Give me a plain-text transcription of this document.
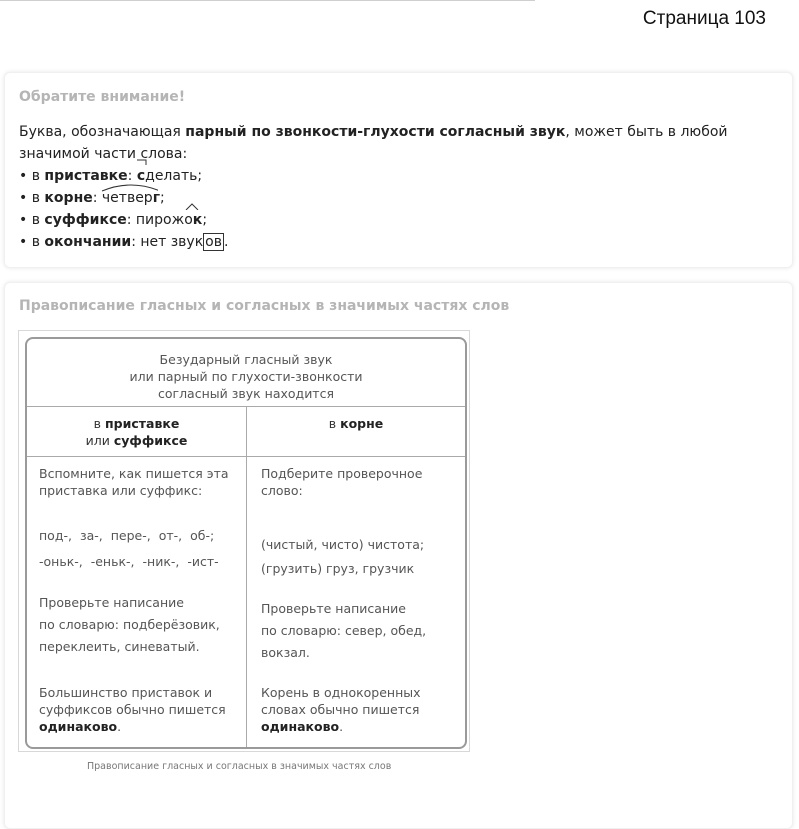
Страница 103
Обратите внимание!
Буква, обозначающая парный по звонкости-глухости согласный звук, может быть в любой значимой части слова:
• в приставке:
сделать;
• в корне:
четверг;
• в суффиксе:
пирожок;
• в окончании: нет звук ов .
Правописание гласных и согласных в значимых частях слов
Безударный гласный звук
или парный по глухости-звонкости
согласный звук находится
в приставке
или суффиксе
в корне
Вспомните, как пишется эта
приставка или суффикс:
под-, за-, пере-, от-, об-;
-оньк-, -еньк-, -ник-, -ист-
Проверьте написание
по словарю: подберёзовик,
переклеить, синеватый.
Большинство приставок и
суффиксов обычно пишется
одинаково.
Подберите проверочное
слово:
(чистый, чисто) чистота;
(грузить) груз, грузчик
Проверьте написание
по словарю: север, обед,
вокзал.
Корень в однокоренных
словах обычно пишется
одинаково.
Правописание гласных и согласных в значимых частях слов
